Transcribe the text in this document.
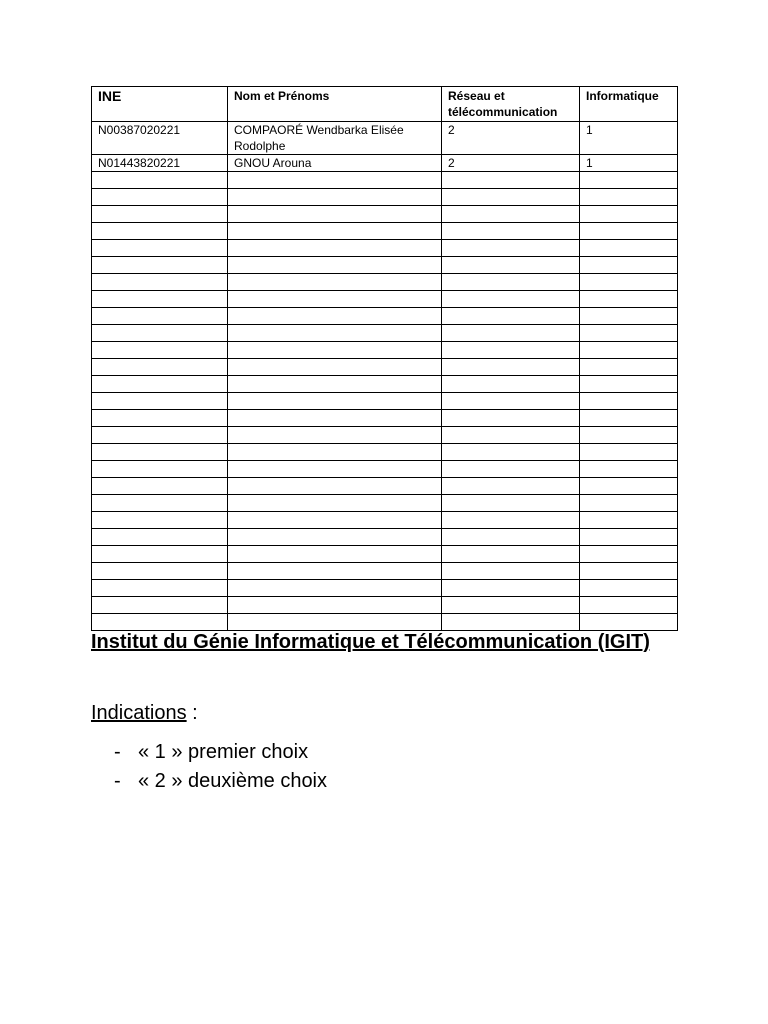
INE	Nom et Prénoms	Réseau et télécommunication	Informatique
N00387020221	COMPAORÉ Wendbarka Elisée Rodolphe	2	1
N01443820221	GNOU Arouna	2	1

Institut du Génie Informatique et Télécommunication (IGIT)
Indications :
- « 1 » premier choix
- « 2 » deuxième choix
